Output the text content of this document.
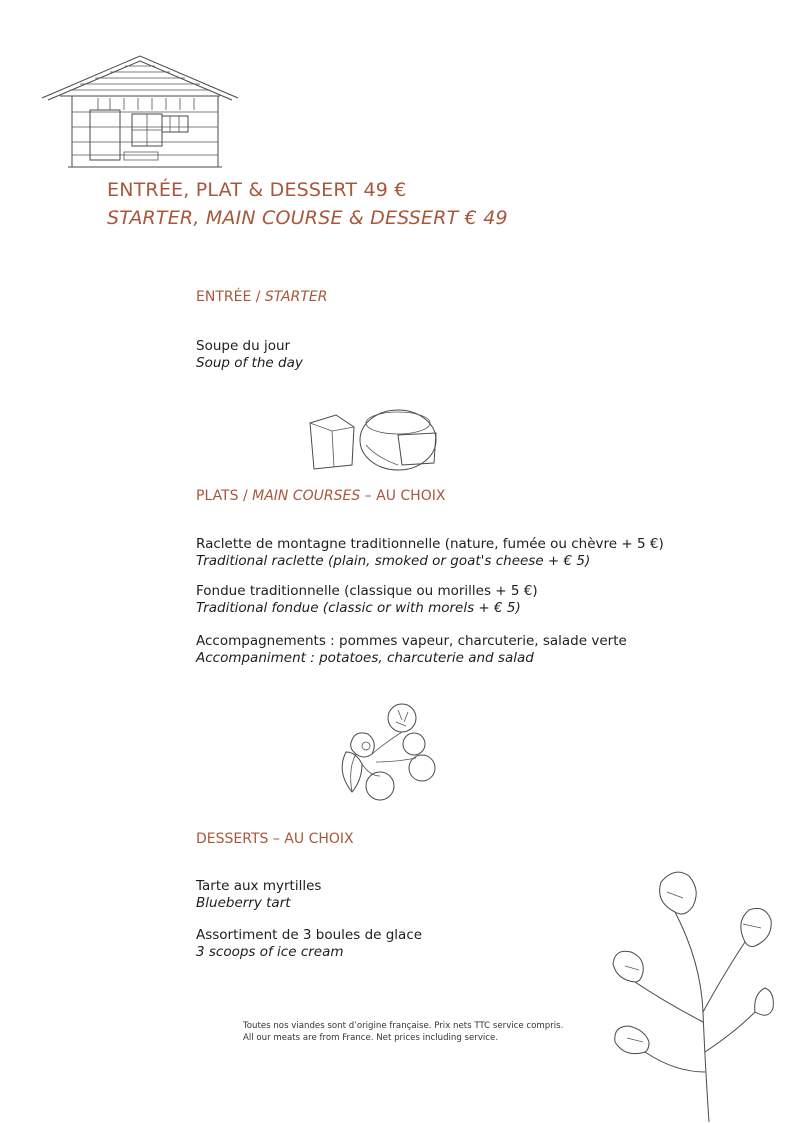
ENTRÉE, PLAT & DESSERT 49 €
STARTER, MAIN COURSE & DESSERT € 49
ENTRÉE / STARTER
Soupe du jour
Soup of the day
PLATS / MAIN COURSES – AU CHOIX
Raclette de montagne traditionnelle (nature, fumée ou chèvre + 5 €)
Traditional raclette (plain, smoked or goat's cheese + € 5)
Fondue traditionnelle (classique ou morilles + 5 €)
Traditional fondue (classic or with morels + € 5)
Accompagnements : pommes vapeur, charcuterie, salade verte
Accompaniment : potatoes, charcuterie and salad
DESSERTS – AU CHOIX
Tarte aux myrtilles
Blueberry tart
Assortiment de 3 boules de glace
3 scoops of ice cream
Toutes nos viandes sont d’origine française. Prix nets TTC service compris.
All our meats are from France. Net prices including service.
